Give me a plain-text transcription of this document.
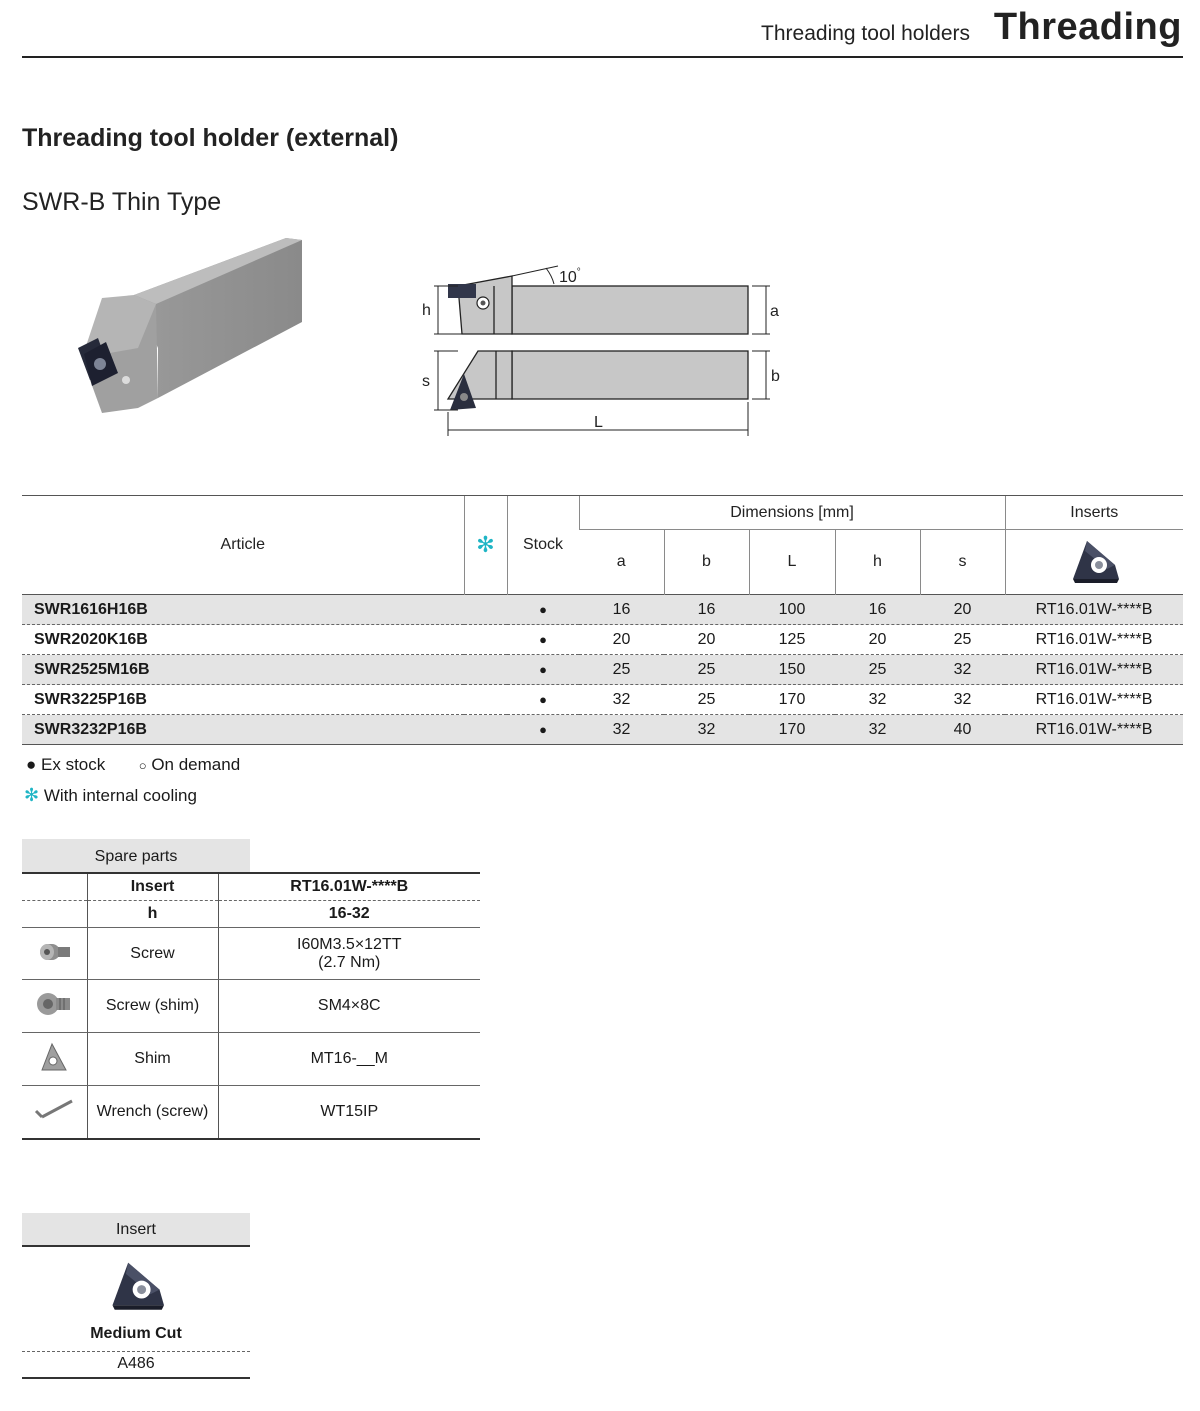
Threading tool holders Threading
Threading tool holder (external)
SWR-B Thin Type
10°
h	a
s	b
L
Article	✻	Stock	Dimensions [mm]					Inserts
			a	b	L	h	s	
SWR1616H16B		●	16	16	100	16	20	RT16.01W-****B
SWR2020K16B		●	20	20	125	20	25	RT16.01W-****B
SWR2525M16B		●	25	25	150	25	32	RT16.01W-****B
SWR3225P16B		●	32	25	170	32	32	RT16.01W-****B
SWR3232P16B		●	32	32	170	32	40	RT16.01W-****B
● Ex stock	○ On demand
✻ With internal cooling
Spare parts
	Insert	RT16.01W-****B
	h	16-32
	Screw	I60M3.5×12TT
(2.7 Nm)

	Screw (shim)	SM4×8C
	Shim	MT16-__M
	Wrench (screw)	WT15IP
Insert
Medium Cut
A486
